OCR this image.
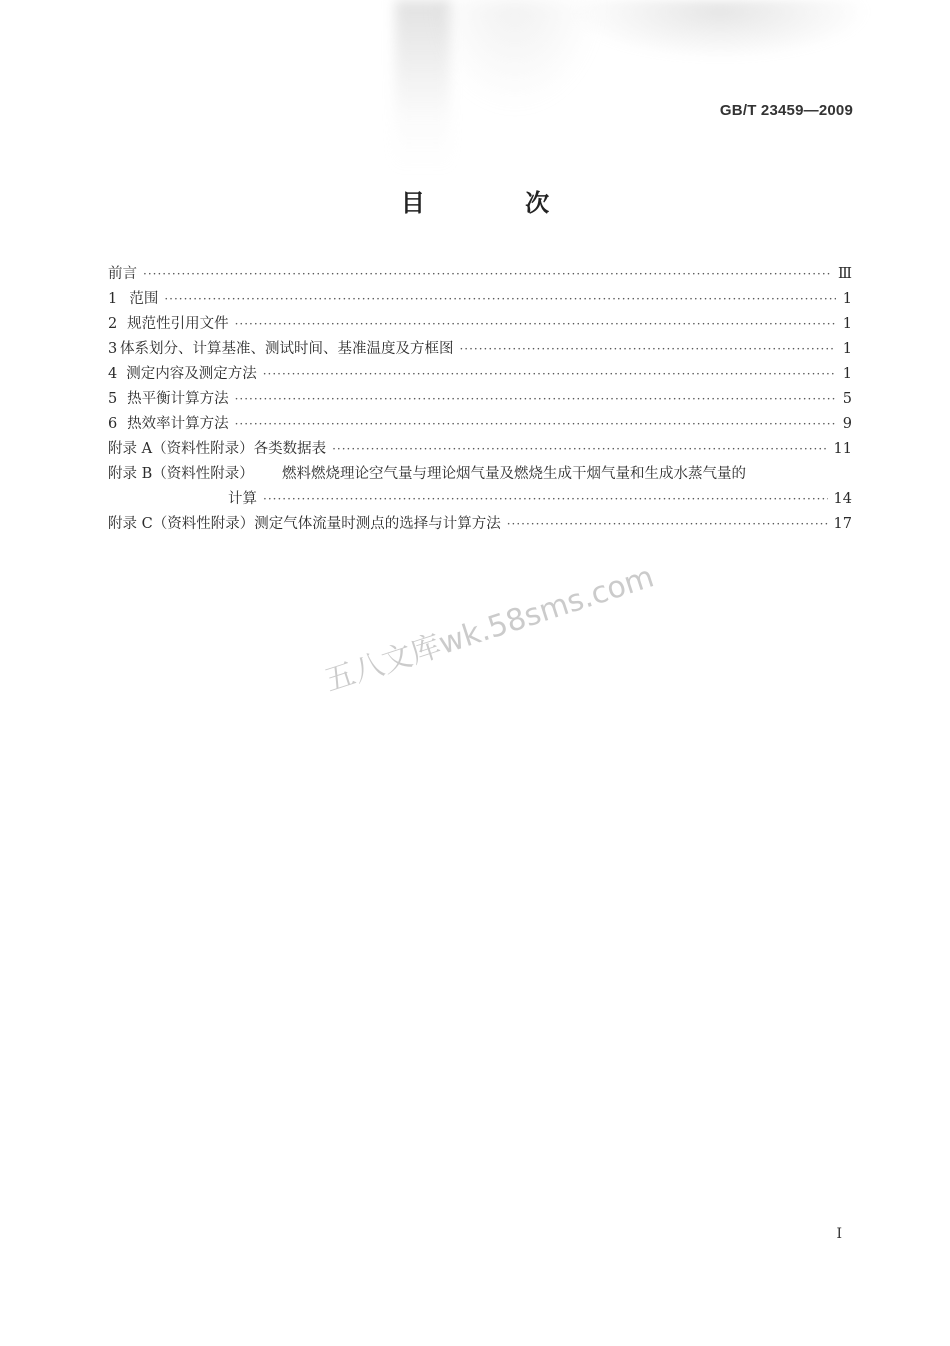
GB/T 23459—2009
目 次
前言 ·····	Ⅲ
1 范围 ·····	1
2 规范性引用文件 ·····	1
3 体系划分、计算基准、测试时间、基准温度及方框图 ·····	1
4 测定内容及测定方法 ·····	1
5 热平衡计算方法 ·····	5
6 热效率计算方法 ·····	9
附录 A（资料性附录） 各类数据表 ·····	11
附录 B（资料性附录）	燃料燃烧理论空气量与理论烟气量及燃烧生成干烟气量和生成水蒸气量的
计算 ·····	14
附录 C（资料性附录） 测定气体流量时测点的选择与计算方法 ·····	17
五八文库wk.58sms.com
I
